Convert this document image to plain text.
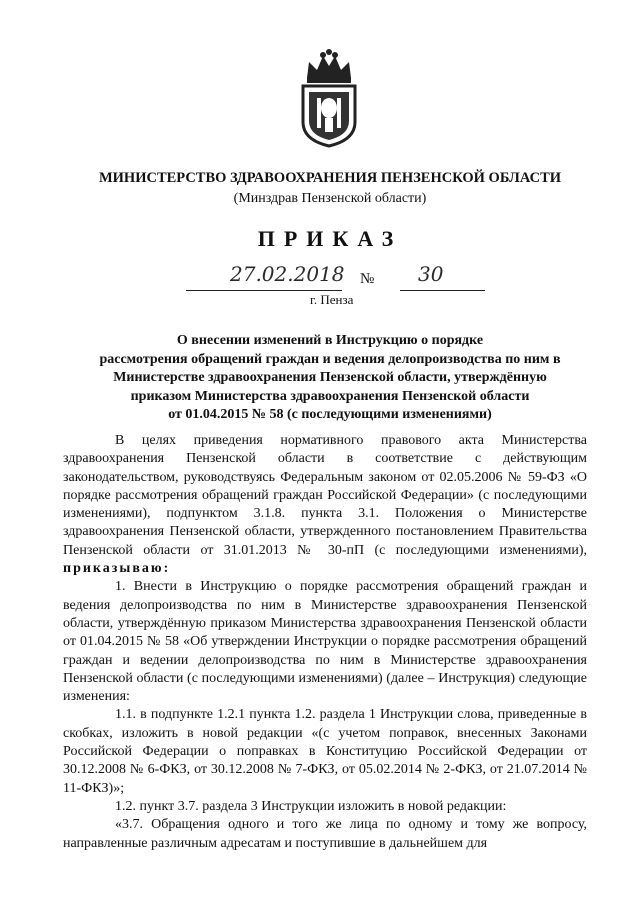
МИНИСТЕРСТВО ЗДРАВООХРАНЕНИЯ ПЕНЗЕНСКОЙ ОБЛАСТИ
(Минздрав Пензенской области)
ПРИКАЗ
27.02.2018 № 30
г. Пенза
О внесении изменений в Инструкцию о порядке
рассмотрения обращений граждан и ведения делопроизводства по ним в
Министерстве здравоохранения Пензенской области, утверждённую
приказом Министерства здравоохранения Пензенской области
от 01.04.2015 № 58 (с последующими изменениями)

В целях приведения нормативного правового акта Министерства здравоохранения Пензенской области в соответствие с действующим законодательством, руководствуясь Федеральным законом от 02.05.2006 № 59-ФЗ «О порядке рассмотрения обращений граждан Российской Федерации» (с последующими изменениями), подпунктом 3.1.8. пункта 3.1. Положения о Министерстве здравоохранения Пензенской области, утвержденного постановлением Правительства Пензенской области от 31.01.2013 № 30-пП (с последующими изменениями), приказываю:

1. Внести в Инструкцию о порядке рассмотрения обращений граждан и ведения делопроизводства по ним в Министерстве здравоохранения Пензенской области, утверждённую приказом Министерства здравоохранения Пензенской области от 01.04.2015 № 58 «Об утверждении Инструкции о порядке рассмотрения обращений граждан и ведении делопроизводства по ним в Министерстве здравоохранения Пензенской области (с последующими изменениями) (далее – Инструкция) следующие изменения:

1.1. в подпункте 1.2.1 пункта 1.2. раздела 1 Инструкции слова, приведенные в скобках, изложить в новой редакции «(с учетом поправок, внесенных Законами Российской Федерации о поправках в Конституцию Российской Федерации от 30.12.2008 № 6-ФКЗ, от 30.12.2008 № 7-ФКЗ, от 05.02.2014 № 2-ФКЗ, от 21.07.2014 № 11-ФКЗ)»;

1.2. пункт 3.7. раздела 3 Инструкции изложить в новой редакции:

«3.7. Обращения одного и того же лица по одному и тому же вопросу, направленные различным адресатам и поступившие в дальнейшем для
